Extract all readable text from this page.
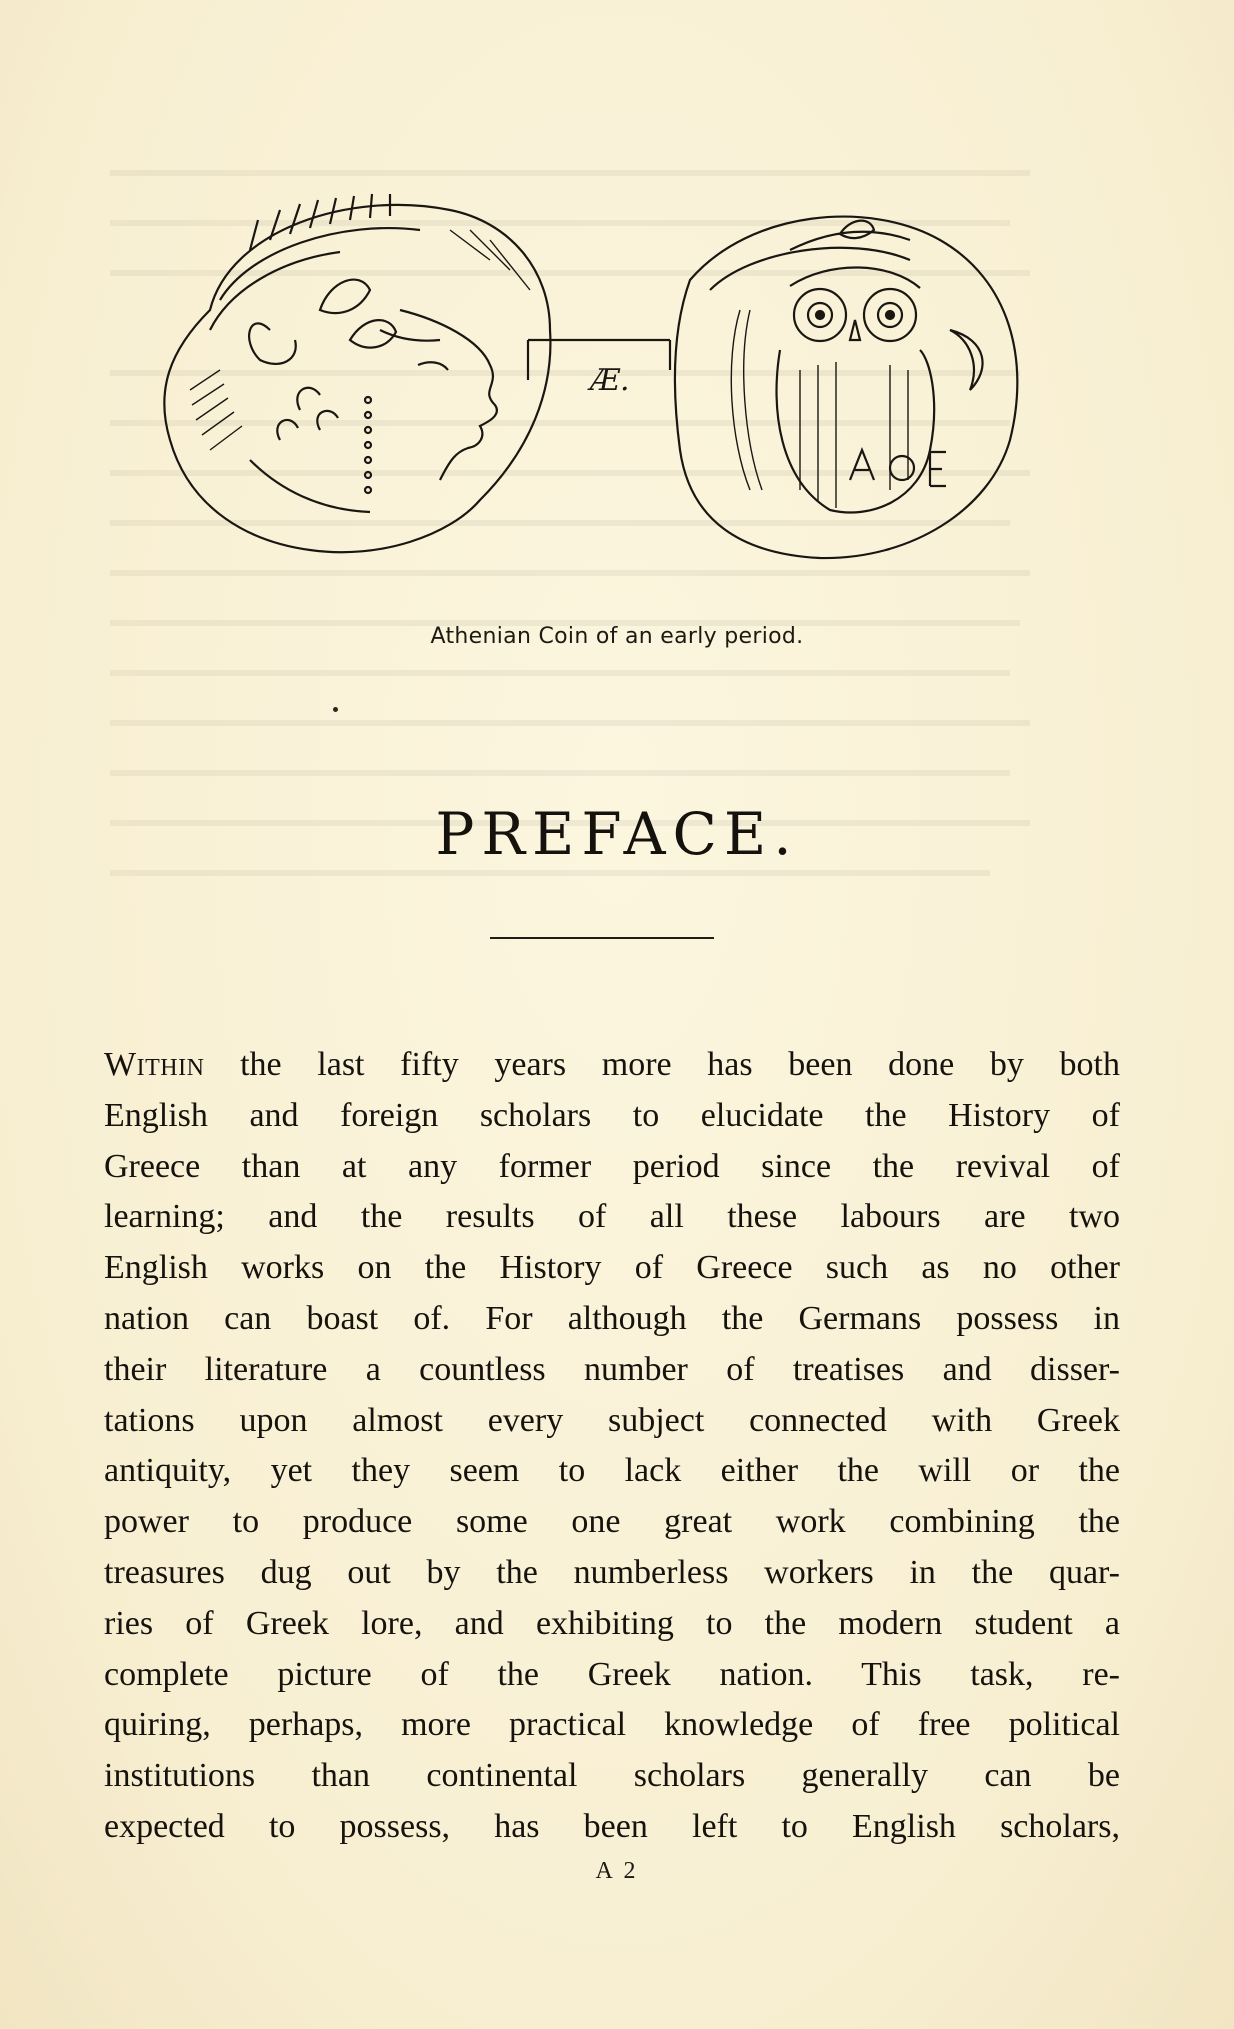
Æ.
Athenian Coin of an early period.
PREFACE.
Within the last fifty years more has been done by both
English and foreign scholars to elucidate the History of
Greece than at any former period since the revival of
learning; and the results of all these labours are two
English works on the History of Greece such as no other
nation can boast of. For although the Germans possess in
their literature a countless number of treatises and disser-
tations upon almost every subject connected with Greek
antiquity, yet they seem to lack either the will or the
power to produce some one great work combining the
treasures dug out by the numberless workers in the quar-
ries of Greek lore, and exhibiting to the modern student a
complete picture of the Greek nation. This task, re-
quiring, perhaps, more practical knowledge of free political
institutions than continental scholars generally can be
expected to possess, has been left to English scholars,
A 2
